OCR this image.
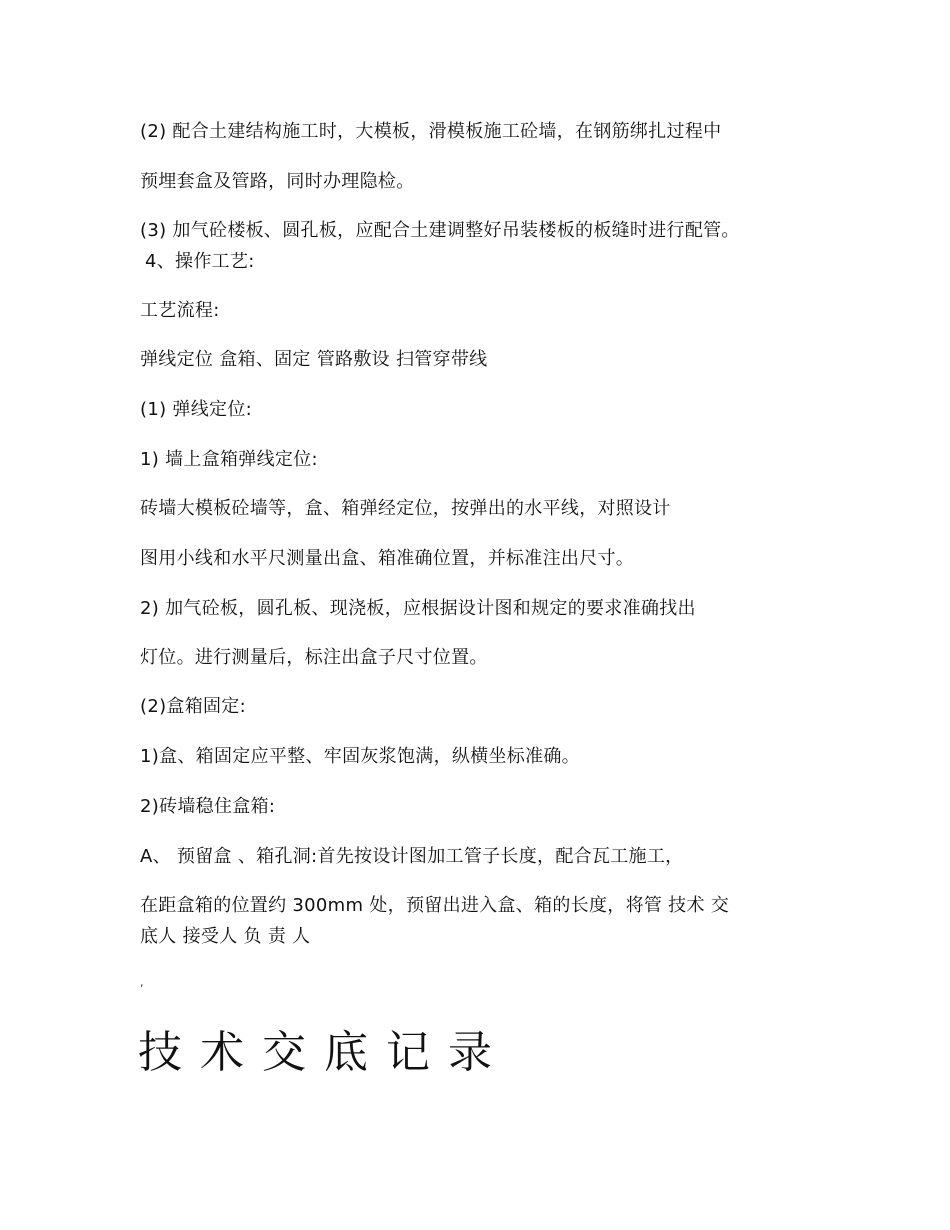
(2) 配合土建结构施工时，大模板，滑模板施工砼墙，在钢筋绑扎过程中
预埋套盒及管路，同时办理隐检。
(3) 加气砼楼板、圆孔板，应配合土建调整好吊装楼板的板缝时进行配管。
4、操作工艺:
工艺流程:
弹线定位 盒箱、固定 管路敷设 扫管穿带线
(1) 弹线定位:
1) 墙上盒箱弹线定位:
砖墙大模板砼墙等，盒、箱弹经定位，按弹出的水平线，对照设计
图用小线和水平尺测量出盒、箱准确位置，并标准注出尺寸。
2) 加气砼板，圆孔板、现浇板，应根据设计图和规定的要求准确找出
灯位。进行测量后，标注出盒子尺寸位置。
(2)盒箱固定:
1)盒、箱固定应平整、牢固灰浆饱满，纵横坐标准确。
2)砖墙稳住盒箱:
A、 预留盒 、箱孔洞:首先按设计图加工管子长度，配合瓦工施工，
在距盒箱的位置约 300mm 处，预留出进入盒、箱的长度，将管 技术 交
底人 接受人 负 责 人
,
技术交底记录
